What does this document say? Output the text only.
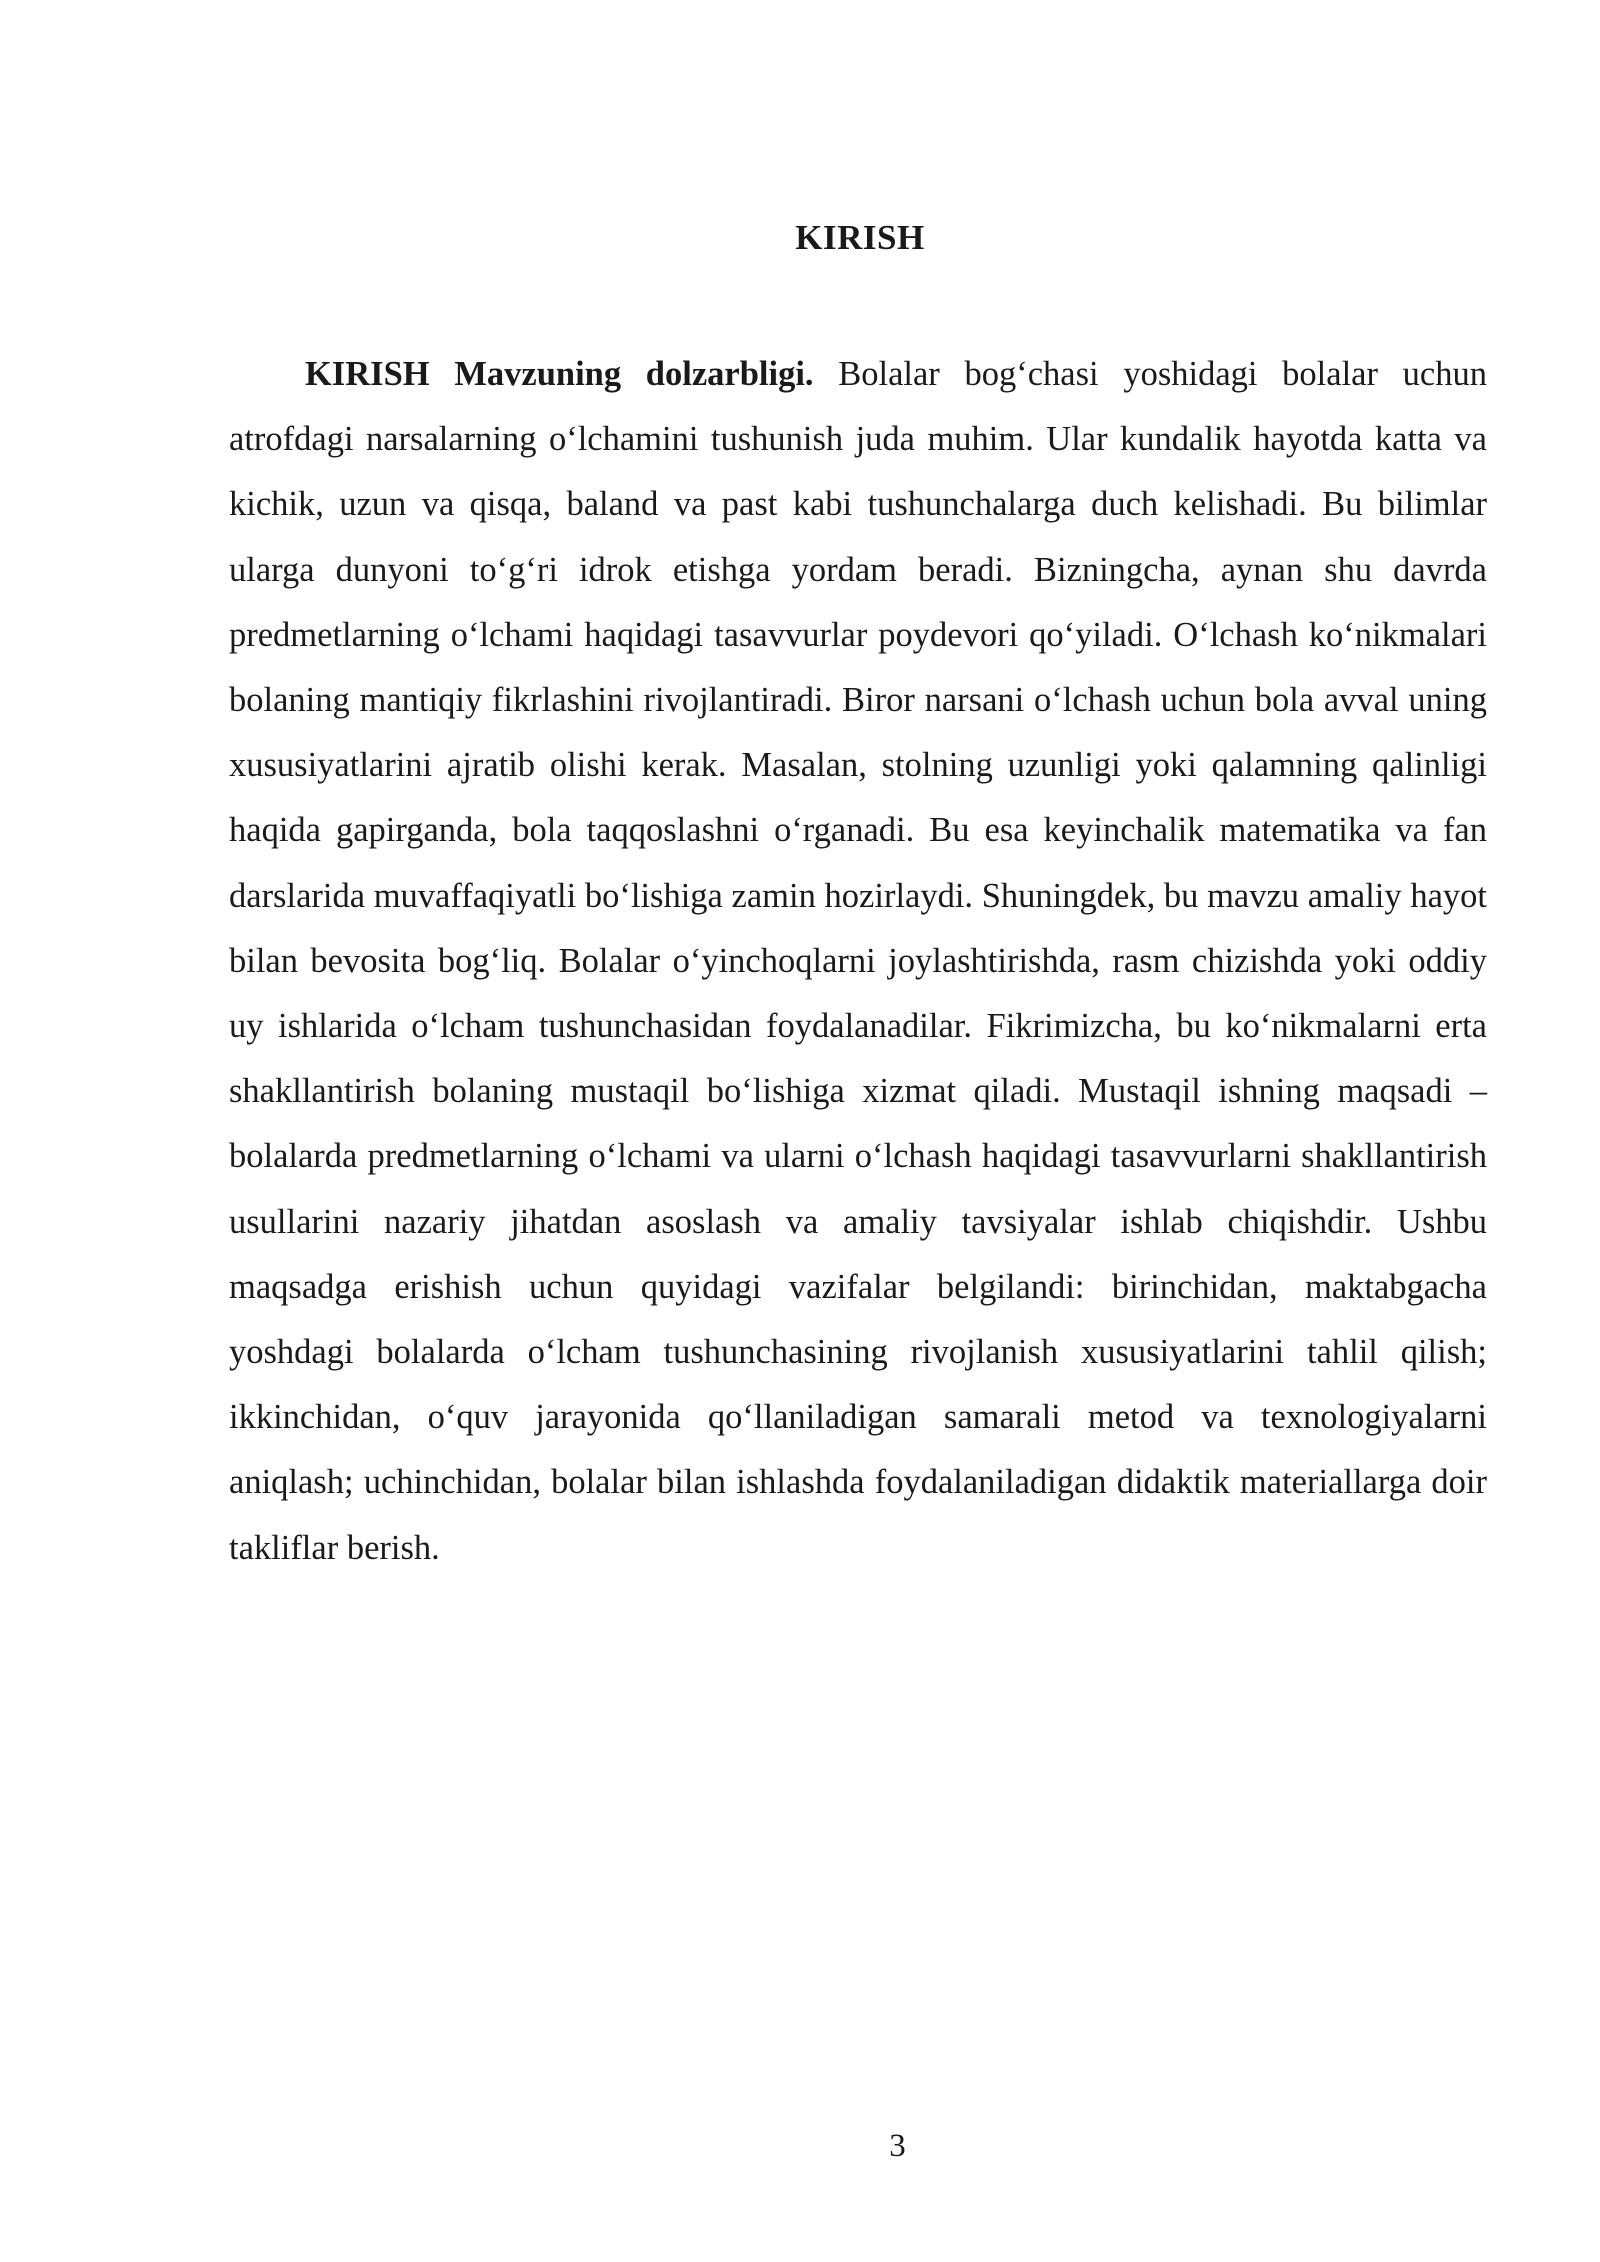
KIRISH

KIRISH Mavzuning dolzarbligi. Bolalar bog‘chasi yoshidagi bolalar uchun atrofdagi narsalarning o‘lchamini tushunish juda muhim. Ular kundalik hayotda katta va kichik, uzun va qisqa, baland va past kabi tushunchalarga duch kelishadi. Bu bilimlar ularga dunyoni to‘g‘ri idrok etishga yordam beradi. Bizningcha, aynan shu davrda predmetlarning o‘lchami haqidagi tasavvurlar poydevori qo‘yiladi. O‘lchash ko‘nikmalari bolaning mantiqiy fikrlashini rivojlantiradi. Biror narsani o‘lchash uchun bola avval uning xususiyatlarini ajratib olishi kerak. Masalan, stolning uzunligi yoki qalamning qalinligi haqida gapirganda, bola taqqoslashni o‘rganadi. Bu esa keyinchalik matematika va fan darslarida muvaffaqiyatli bo‘lishiga zamin hozirlaydi. Shuningdek, bu mavzu amaliy hayot bilan bevosita bog‘liq. Bolalar o‘yinchoqlarni joylashtirishda, rasm chizishda yoki oddiy uy ishlarida o‘lcham tushunchasidan foydalanadilar. Fikrimizcha, bu ko‘nikmalarni erta shakllantirish bolaning mustaqil bo‘lishiga xizmat qiladi. Mustaqil ishning maqsadi – bolalarda predmetlarning o‘lchami va ularni o‘lchash haqidagi tasavvurlarni shakllantirish usullarini nazariy jihatdan asoslash va amaliy tavsiyalar ishlab chiqishdir. Ushbu maqsadga erishish uchun quyidagi vazifalar belgilandi: birinchidan, maktabgacha yoshdagi bolalarda o‘lcham tushunchasining rivojlanish xususiyatlarini tahlil qilish; ikkinchidan, o‘quv jarayonida qo‘llaniladigan samarali metod va texnologiyalarni aniqlash; uchinchidan, bolalar bilan ishlashda foydalaniladigan didaktik materiallarga doir takliflar berish.

3
